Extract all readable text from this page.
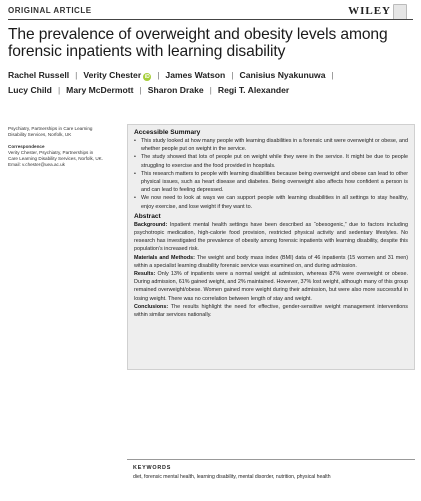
ORIGINAL ARTICLE	WILEY
The prevalence of overweight and obesity levels among forensic inpatients with learning disability
Rachel Russell | Verity Chester iD | James Watson | Canisius Nyakunuwa |
Lucy Child | Mary McDermott | Sharon Drake | Regi T. Alexander
Psychiatry, Partnerships in Care Learning
Disability Services, Norfolk, UK
Correspondence
Verity Chester, Psychiatry, Partnerships in
Care Learning Disability Services, Norfolk, UK.
Email: v.chester@uea.ac.uk
Accessible Summary
• This study looked at how many people with learning disabilities in a forensic unit were overweight or obese, and whether people put on weight in the service.
• The study showed that lots of people put on weight while they were in the service. It might be due to people struggling to exercise and the food provided in hospitals.
• This research matters to people with learning disabilities because being overweight and obese can lead to other physical issues, such as heart disease and diabetes. Being overweight also affects how confident a person is and can lead to feeling depressed.
• We now need to look at ways we can support people with learning disabilities in all settings to stay healthy, enjoy exercise, and lose weight if they want to.
Abstract

Background: Inpatient mental health settings have been described as “obesogenic,” due to factors including psychotropic medication, high-calorie food provision, restricted physical activity and sedentary lifestyles. No research has investigated the prevalence of obesity among forensic inpatients with learning disability, despite this population’s increased risk.

Materials and Methods: The weight and body mass index (BMI) data of 46 inpatients (15 women and 31 men) within a specialist learning disability forensic service was examined on, and during admission.

Results: Only 13% of inpatients were a normal weight at admission, whereas 87% were overweight or obese. During admission, 61% gained weight, and 2% maintained. However, 37% lost weight, although many of this group remained overweight/obese. Women gained more weight during their admission, but were also more successful in losing weight. There was no correlation between length of stay and weight.

Conclusions: The results highlight the need for effective, gender-sensitive weight management interventions within similar services nationally.

KEYWORDS
diet, forensic mental health, learning disability, mental disorder, nutrition, physical health
